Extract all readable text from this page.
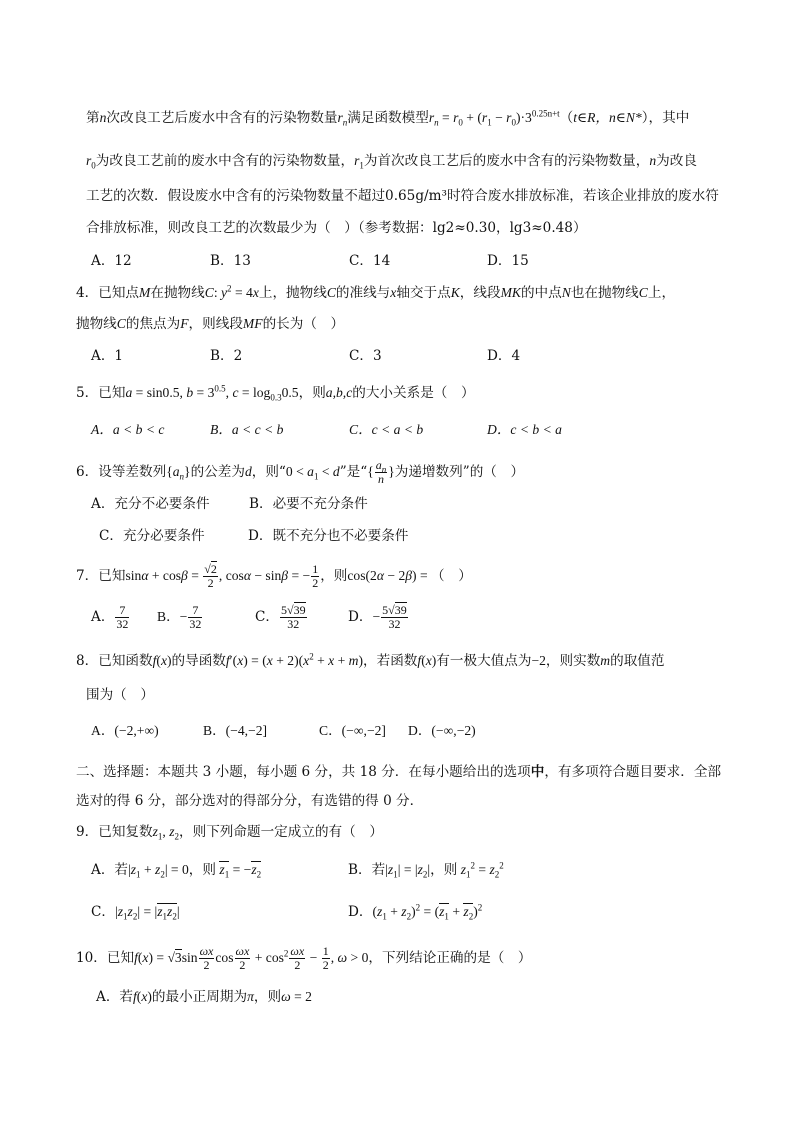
第n次改良工艺后废水中含有的污染物数量$r_n$满足函数模型$r_n = r_0 + (r_1$ − $r_0)\cdot 3^{0.25n+t}(t\in R$，n∈N*），其中
$r_0$为改良工艺前的废水中含有的污染物数量，$r_1$为首次改良工艺后的废水中含有的污染物数量，n为改良
工艺的次数．假设废水中含有的污染物数量不超过0.65g/m³时符合废水排放标准，若该企业排放的废水符
合排放标准，则改良工艺的次数最少为（　）（参考数据：lg2≈0.30，lg3≈0.48）
A．12	B．13	C．14	D．15
4．已知点M在抛物线C: $y^2 = 4x$上，抛物线C的准线与x轴交于点K，线段MK的中点N也在抛物线C上，
抛物线C的焦点为F，则线段MF的长为（　）
A．1	B．2	C．3	D．4
5．已知a = sin0.5, $b = 3^{0.5}$, $c = \log_{0.3}0.5$，则a,b,c的大小关系是（　）
A．a < b < c	B．a < c < b	C．c < a < b	D．c < b < a
6．设等差数列$\{a_n\}$的公差为d，则“$0 < a_1 < d$”是“{ $\frac{a_n}{n}$ }为递增数列”的（　）
A．充分不必要条件	B．必要不充分条件
C．充分必要条件	D．既不充分也不必要条件
7．已知$\sin\alpha + \cos\beta = \frac{√2}{2}$ , cosα − sinβ = − $\frac{1}{2}$ ，则cos(2α − 2β) = （　）
A． $\frac{7}{32}$ B．− $\frac{7}{32}$	C． $\frac{5√39}{32}$	D．− $\frac{5√39}{32}$
8．已知函数f(x)的导函数$f'(x) = (x + 2)(x^2 + x + m)$，若函数f(x)有一极大值点为−2，则实数m的取值范
围为（　）
A．(−2,+∞)	B．(−4,−2]	C．(−∞,−2] D．(−∞,−2)
二、选择题：本题共 3 小题，每小题 6 分，共 18 分．在每小题给出的选项中，有多项符合题目要求．全部
选对的得 6 分，部分选对的得部分分，有选错的得 0 分．
9．已知复数$z_1$, $z_2$，则下列命题一定成立的有（　）
A．若$|z_1 + z_2| = 0$，则 $z_1 = -z_2$	B．若$|z_1| = |z_2|$，则 $z_1^2 = z_2^2$
C．$|z_1z_2| = |z_1z_2|$	D．$(z_1 + z_2)^2 = (z_1 + z_2)^2$
10．已知$f(x) = √3\sin \frac{\omega x}{2}$ $\cos \frac{\omega x}{2} + \cos^2 \frac{\omega x}{2} - \frac{1}{2}$ , ω > 0，下列结论正确的是（　）
A．若f(x)的最小正周期为π，则ω = 2
